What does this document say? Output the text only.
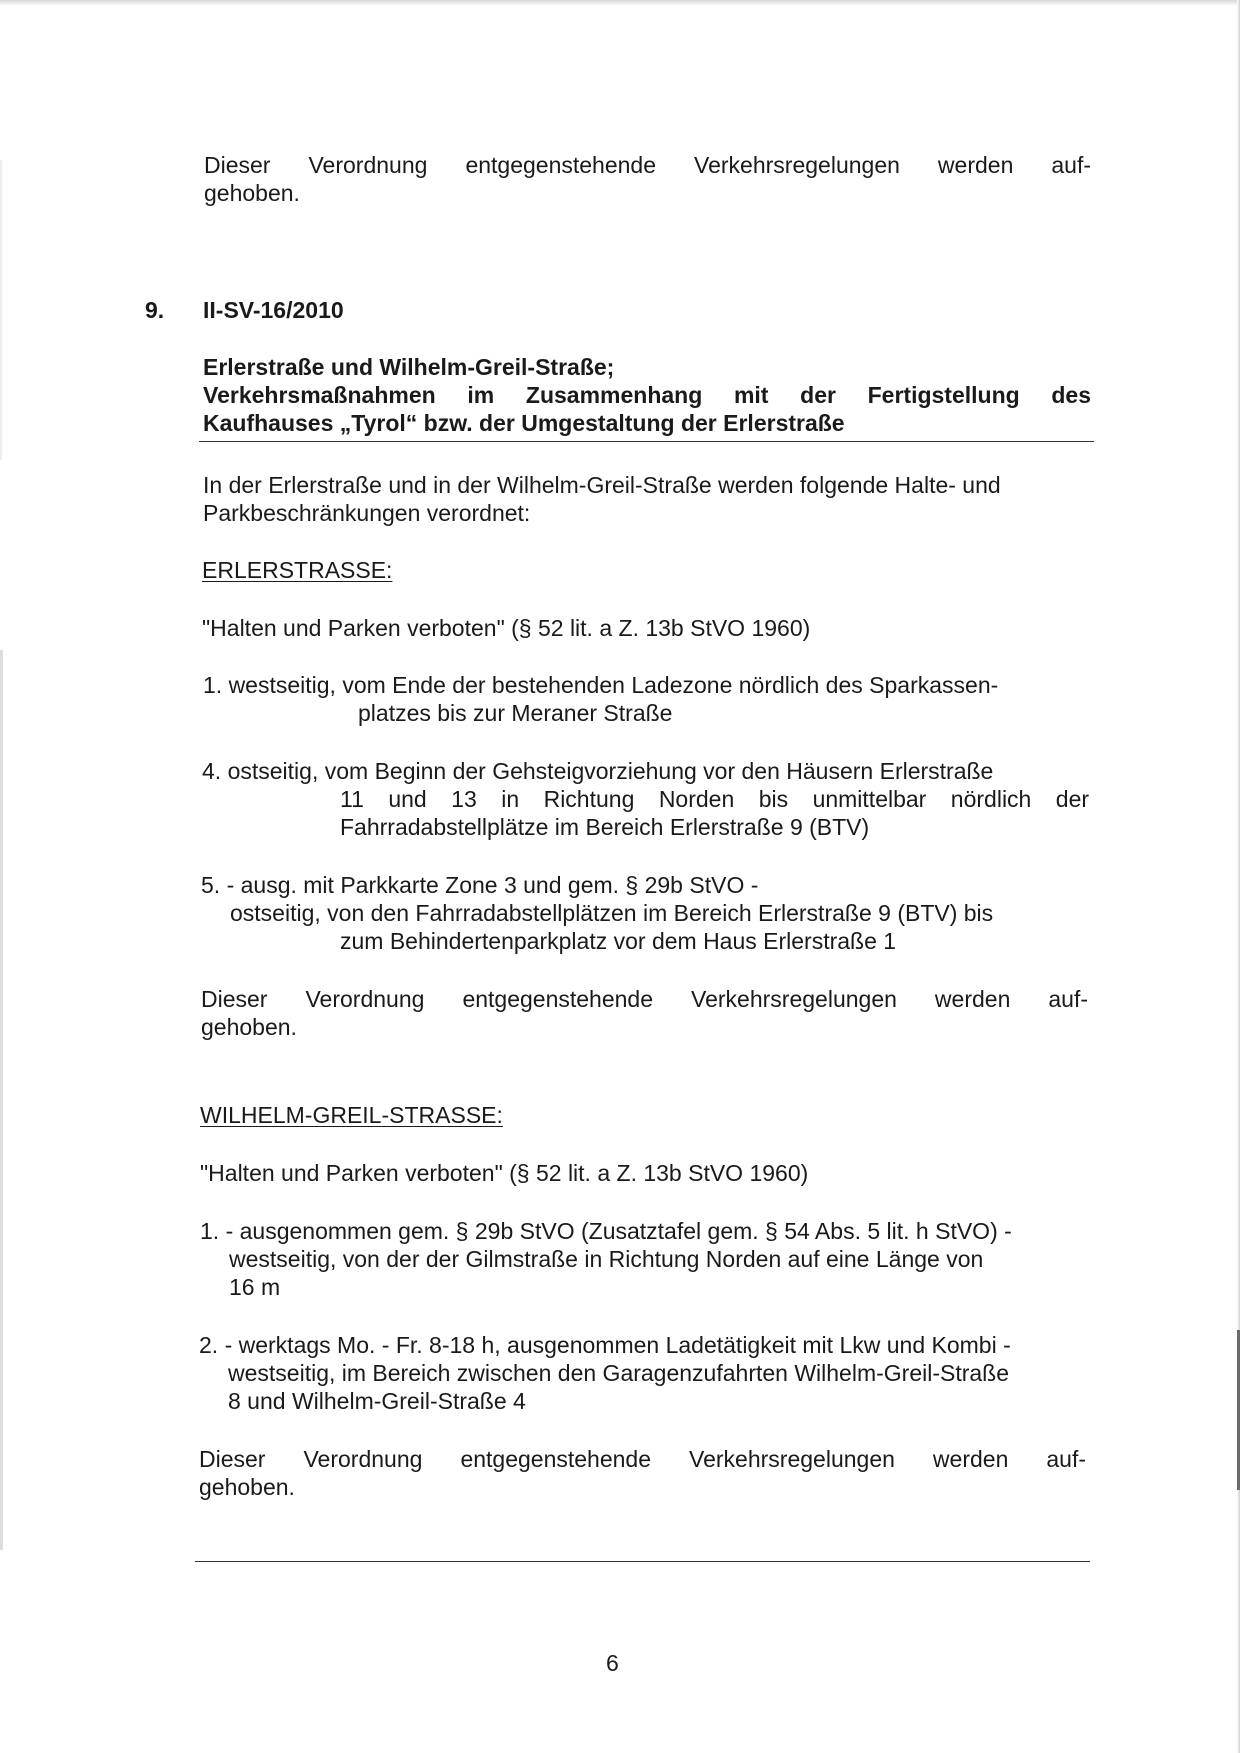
Dieser Verordnung entgegenstehende Verkehrsregelungen werden auf-
gehoben.
9. II-SV-16/2010
Erlerstraße und Wilhelm-Greil-Straße;
Verkehrsmaßnahmen im Zusammenhang mit der Fertigstellung des
Kaufhauses „Tyrol“ bzw. der Umgestaltung der Erlerstraße
In der Erlerstraße und in der Wilhelm-Greil-Straße werden folgende Halte- und
Parkbeschränkungen verordnet:
ERLERSTRASSE:
"Halten und Parken verboten" (§ 52 lit. a Z. 13b StVO 1960)
1. westseitig, vom Ende der bestehenden Ladezone nördlich des Sparkassen-
platzes bis zur Meraner Straße
4. ostseitig, vom Beginn der Gehsteigvorziehung vor den Häusern Erlerstraße
11 und 13 in Richtung Norden bis unmittelbar nördlich der
Fahrradabstellplätze im Bereich Erlerstraße 9 (BTV)
5. - ausg. mit Parkkarte Zone 3 und gem. § 29b StVO -
ostseitig, von den Fahrradabstellplätzen im Bereich Erlerstraße 9 (BTV) bis
zum Behindertenparkplatz vor dem Haus Erlerstraße 1
Dieser Verordnung entgegenstehende Verkehrsregelungen werden auf-
gehoben.
WILHELM-GREIL-STRASSE:
"Halten und Parken verboten" (§ 52 lit. a Z. 13b StVO 1960)
1. - ausgenommen gem. § 29b StVO (Zusatztafel gem. § 54 Abs. 5 lit. h StVO) -
westseitig, von der der Gilmstraße in Richtung Norden auf eine Länge von
16 m
2. - werktags Mo. - Fr. 8-18 h, ausgenommen Ladetätigkeit mit Lkw und Kombi -
westseitig, im Bereich zwischen den Garagenzufahrten Wilhelm-Greil-Straße
8 und Wilhelm-Greil-Straße 4
Dieser Verordnung entgegenstehende Verkehrsregelungen werden auf-
gehoben.
6
